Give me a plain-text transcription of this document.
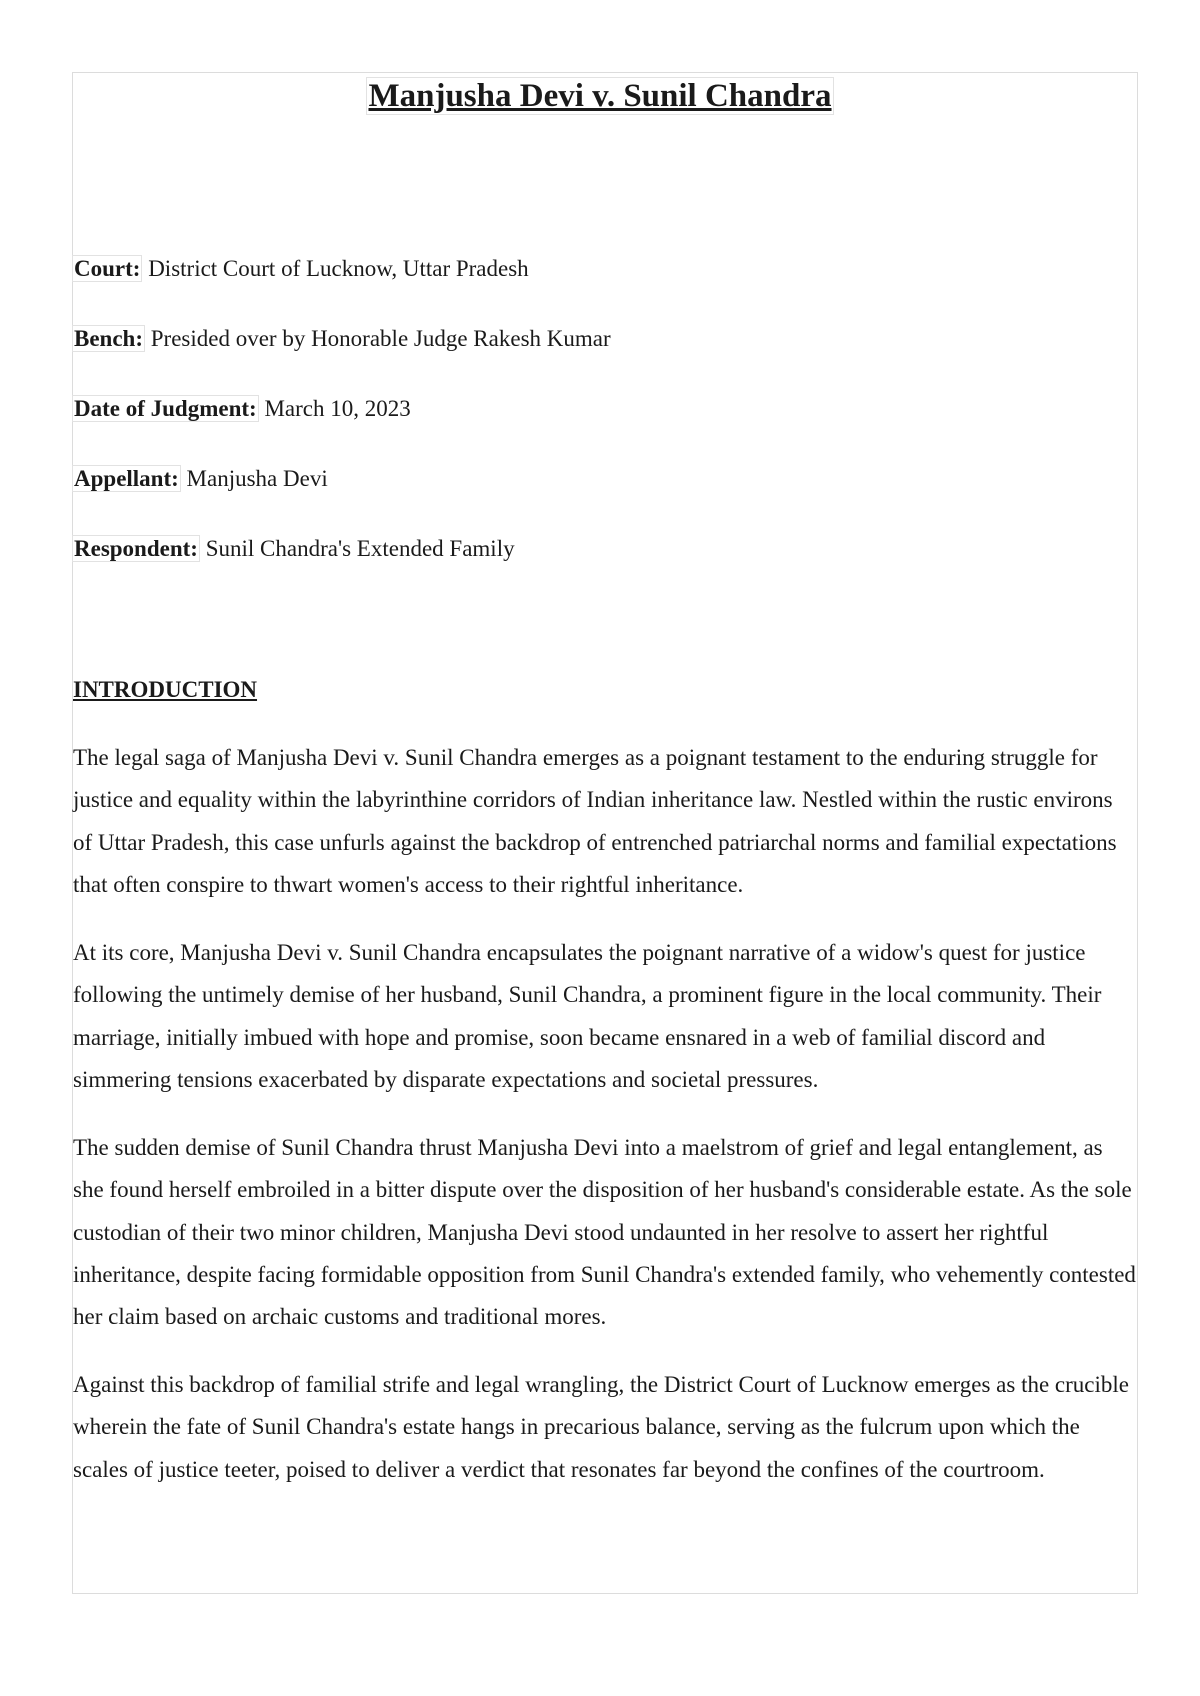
Manjusha Devi v. Sunil Chandra
Court: District Court of Lucknow, Uttar Pradesh
Bench: Presided over by Honorable Judge Rakesh Kumar
Date of Judgment: March 10, 2023
Appellant: Manjusha Devi
Respondent: Sunil Chandra's Extended Family
INTRODUCTION

The legal saga of Manjusha Devi v. Sunil Chandra emerges as a poignant testament to the enduring struggle for justice and equality within the labyrinthine corridors of Indian inheritance law. Nestled within the rustic environs of Uttar Pradesh, this case unfurls against the backdrop of entrenched patriarchal norms and familial expectations that often conspire to thwart women's access to their rightful inheritance.

At its core, Manjusha Devi v. Sunil Chandra encapsulates the poignant narrative of a widow's quest for justice following the untimely demise of her husband, Sunil Chandra, a prominent figure in the local community. Their marriage, initially imbued with hope and promise, soon became ensnared in a web of familial discord and simmering tensions exacerbated by disparate expectations and societal pressures.

The sudden demise of Sunil Chandra thrust Manjusha Devi into a maelstrom of grief and legal entanglement, as she found herself embroiled in a bitter dispute over the disposition of her husband's considerable estate. As the sole custodian of their two minor children, Manjusha Devi stood undaunted in her resolve to assert her rightful inheritance, despite facing formidable opposition from Sunil Chandra's extended family, who vehemently contested her claim based on archaic customs and traditional mores.

Against this backdrop of familial strife and legal wrangling, the District Court of Lucknow emerges as the crucible wherein the fate of Sunil Chandra's estate hangs in precarious balance, serving as the fulcrum upon which the scales of justice teeter, poised to deliver a verdict that resonates far beyond the confines of the courtroom.
